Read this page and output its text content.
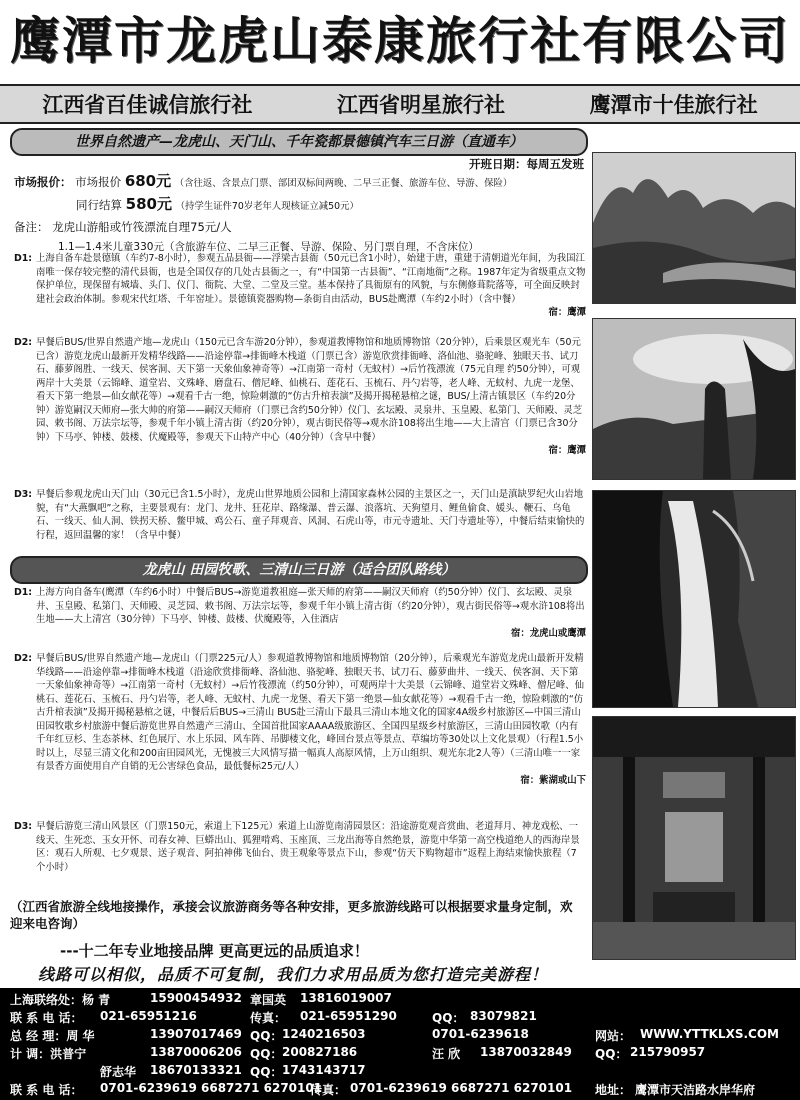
鹰潭市龙虎山泰康旅行社有限公司
江西省百佳诚信旅行社	江西省明星旅行社	鹰潭市十佳旅行社
世界自然遗产—龙虎山、天门山、千年瓷都景德镇汽车三日游（直通车）
开班日期：每周五发班
市场报价： 市场报价 680元 （含往返、含景点门票、部团双标间两晚、二早三正餐、旅游车位、导游、保险）
同行结算 580元 （持学生证件70岁老年人现核证立减50元）
备注： 龙虎山游船或竹筏漂流自理75元/人
1.1—1.4米儿童330元（含旅游车位、二早三正餐、导游、保险、另门票自理，不含床位）
D1: 上海自备车赴景德镇（车约7-8小时），参观五品县衙——浮梁古县衙（50元已含1小时），始建于唐，重建于清朝道光年间，为我国江南唯一保存较完整的清代县衙，也是全国仅存的几处古县衙之一，有“中国第一古县衙”、“江南地衙”之称。1987年定为省级重点文物保护单位，现保留有城墙、头门、仪门、衙院、大堂、二堂及三堂。基本保持了具衙原有的风貌，与东侧修葺院落等，可全面反映封建社会政治体制。参观宋代红塔、千年窑址）。景德镇瓷器购物—条街自由活动，BUS赴鹰潭（车约2小时）（含中餐）
宿：鹰潭
D2: 早餐后BUS/世界自然遗产地—龙虎山（150元已含车游20分钟），参观道教博物馆和地质博物馆（20分钟），后乘景区观光车（50元已含）游览龙虎山最新开发精华线路——沿途停靠→排衙峰木栈道（门票已含）游览欣赏排衙峰、洛仙池、骆驼峰、独眼天书、试刀石、藤萝阁胜、一线天、侯客洞、天下第一天象仙象神奇等）→江南第一奇村（无蚊村）→后竹筏漂流（75元自理 约50分钟），可观两岸十大美景（云锦峰、道堂岩、文殊峰、磨盘石、僧尼峰、仙桃石、莲花石、玉梳石、丹勺岩等，老人峰、无蚊村、九虎一龙堡、看天下第一绝景—仙女献花等）→观看千古一绝，惊险刺激的“仿古升棺表演”及揭开揭秘悬棺之谜，BUS/上清古镇景区（车约20分钟）游览嗣汉天师府—张大帅的府第——嗣汉天师府（门票已含约50分钟）仪门、玄坛殿、灵泉井、玉皇殿、私第门、天师殿、灵芝园、敕书阁、万法宗坛等，参观千年小镇上清古街（约20分钟），观古街民俗等→观水浒108将出生地——大上清宫（门票已含30分钟）下马亭、钟楼、鼓楼、伏魔殿等，参观天下山特产中心（40分钟）（含早中餐）
宿：鹰潭
D3: 早餐后参观龙虎山天门山（30元已含1.5小时），龙虎山世界地质公园和上清国家森林公园的主景区之一，天门山是滇缺罗纪火山岩地貌，有“大燕飘吧”之称，主要景观有：龙门、龙井、狂花岸、路缘瀑、普云瀑、浪落坑、天狗望月、鲤鱼偷食、媛头、鞭石、乌龟石、一线天、仙人洞、铁拐天桥、鳖甲城、鸡公石、童子拜观音、风洞、石虎山等，市元寺遗址、天门寺遗址等），中餐后结束愉快的行程，返回温馨的家！（含早中餐）
龙虎山 田园牧歌、三清山三日游（适合团队路线）
D1: 上海方向自备车(鹰潭（车约6小时）中餐后BUS→游览道教祖庭—张天师的府第——嗣汉天师府（约50分钟）仪门、玄坛殿、灵泉井、玉皇殿、私第门、天师殿、灵芝园、敕书阁、万法宗坛等，参观千年小镇上清古街（约20分钟），观古街民俗等→观水浒108将出生地——大上清宫（30分钟）下马亭、钟楼、鼓楼、伏魔殿等，入住酒店
宿：龙虎山或鹰潭
D2: 早餐后BUS/世界自然遗产地—龙虎山（门票225元/人）参观道教博物馆和地质博物馆（20分钟），后乘观光车游览龙虎山最新开发精华线路——沿途停靠→排衙峰木栈道（沿途欣赏排衙峰、洛仙池、骆驼峰、独眼天书、试刀石、藤萝曲井、一线天、侯客洞、天下第一天象仙象神奇等）→江南第一奇村（无蚊村）→后竹筏漂流（约50分钟），可观两岸十大美景（云锦峰、道堂岩文殊峰、僧尼峰、仙桃石、莲花石、玉梳石、丹勺岩等，老人峰、无蚊村、九虎一龙堡、看天下第一绝景—仙女献花等）→观看千古一绝，惊险刺激的“仿古升棺表演”及揭开揭秘悬棺之谜，中餐后后BUS→三清山 BUS赴三清山下最具三清山本地文化的国家4A级乡村旅游区—中国三清山田园牧歌乡村旅游中餐后游览世界自然遗产三清山、全国首批国家AAAA级旅游区、全国四星级乡村旅游区，三清山田园牧歌（内有千年红豆杉、生态茶林、红色展厅、水上乐园、风车阵、吊脚楼文化，峰回台景点等景点、草编坊等30处以上文化景观）（行程1.5小时以上，尽显三清文化和200亩田园风光，无愧被三大风情写描一幅真人高原风情，上万山组织、观光东北2人等）（三清山唯一一家有景香方面使用自产自销的无公害绿色食品，最低餐标25元/人）
宿：紫湖或山下
D3: 早餐后游览三清山风景区（门票150元，索道上下125元）索道上山游览南清园景区：沿途游览观音赏曲、老道拜月、神龙戏松、一线天、生死恋、玉女开怀、司春女神、巨蟒出山、狐狸啃鸡、玉座顶、三龙出海等自然绝景，游览中华第一高空栈道绝人的西海岸景区：观石人所观、七夕观景、送子观音、阿拍神佛飞仙台、贵王观象等景点下山，参观“仿天下购物超市”返程上海结束愉快旅程（7个小时）
（江西省旅游全线地接操作，承接会议旅游商务等各种安排，更多旅游线路可以根据要求量身定制，欢迎来电咨询）
---十二年专业地接品牌 更高更远的品质追求！
线路可以相似，品质不可复制，我们力求用品质为您打造完美游程！
上海联络处：杨 青	15900454932 章国英 13816019007
联 系 电 话： 021-65951216	传真： 021-65951290	QQ： 83079821
总 经 理：周 华	13907017469 QQ： 1240216503	0701-6239618	网站： WWW.YTTKLXS.COM
计 调：洪普宁	13870006206 QQ： 200827186	汪 欣 13870032849 QQ： 215790957
舒志华 18670133321 QQ： 1743143717
联 系 电 话： 0701-6239619 6687271 6270101
传真： 0701-6239619 6687271 6270101 地址： 鹰潭市天洁路水岸华府
